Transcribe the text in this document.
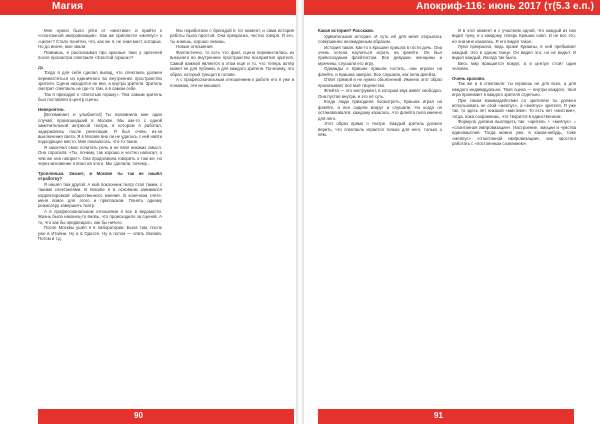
Магия

Мне нужно было уйти от «мистики» и прийти к «спонтанной импровизации». Как же приплести «меппус» к «цели»? Стало понятно, что, как же я, не зная мест, которые. Но до иначе, мое звали.

Помнишь, я рассказывал про красные таки у зрителей после просмотра спектакля «Золотой горшок»?

Да.

Тогда я для себя сделал вывод, что спектакль должен переместиться из единичного во внутреннее пространство зрителя. Сцена находится не вне, а внутри зрителя. Зритель смотрит спектакль не где-то там, а в самом себе.

Так я приходил к «Золотым горшку». Тем самым зритель был поставлен в центр сцены.

Невероятно.

[Вспоминает и улыбается] Ты напомнила мне один случай, произошедший в Москве. Мы как-то с одной замечательной актрисой театра, в котором я работал, задержались после репетиции. Я был очень из-за выключения света. Я в Москве вне ли не удалось с ней найти подходящее место. Мне показалось, что-то такое.

Я закончил свою почитать речь и не взял никаких смысл. Она спросила: «Ты, почему, так хорошо и честно написал, о чём же она говорит». Она продолжила говорить о том же, но через мгновение я впал на этого. Мы сделали, почему...

Тропленька. Значит, в Москве ты так не нашёл отработку?

Я нашёл там другой. А мой поклонник театр стал таким, с такими спектаклями. В Москве я в основном занимался корректировкой общественного мнения. В конечном счёте, меня вовсе для этого и пригласили. Понять одному режиссёру завершить театр.

А в профессиональном отношении я все в ведомости. Жизнь была наконец-то вновь, что происходило за сценой. А то, что как бы предвещало, как бы ничего.

После Москвы ушёл я в лаборатории. Была там, после уже в Италии. Ну а в Одессе. Ну а потом — опять Москва. Потом и т.д.

Мы поработали с бригадой в тот момент, и сама история работы была простой. Она прекрасна, честно говоря. Я его, ты знаешь, хорошо знаешь.

Новые отношения.

Фантастично, то есть что факт, сцена переместилась из внешнего во внутреннее пространство восприятия зрителя. Самой важной является в этом ещё и то, что теперь актёр может не для публики, а для каждого зрителя. По-моему, это образ, который трещал в голове.

А с профессиональным отношением к работе его я уже и понимаю, эти не мешают.

90
Апокриф-116: июнь 2017 (т(5.3 е.п.)

Какая история? Расскажи.

Удивительная история. И суть ей для меня открылась совершенно неожиданным образом.

История такая. Как-то к Крышне пришла в гости дочь. Она очень хотела научиться играть на флейте. Он был превосходным флейтистом. Все девушки, женщины и мужчины, слушали его игру.

Однажды к Кришне пришли гостить, они играли на флейте, и Кришна заиграл. Все слушали, как пела флейта.

Ответ прямой и не нужно объяснений. Именно этот образ пронизывает всё моё творчество.

Флейта — это инструмент, в котором звук живёт свободно. Она пустая внутри, и это её суть.

Когда люди приходили посмотреть, Кришна играл на флейте, а все сидели вокруг и слушали. Но когда он останавливался, каждому казалось, что флейта пела именно для него.

Этот образ прямо о театре. Каждый зритель должен верить, что спектакль играется только для него, только о нём.

И в этот момент и с участием одной, что каждый из них видит луну, и к каждому теперь Кришна сиял. И не все это, но она мне казалась. Я его видел такое.

Луна прекрасна, ведь кроме Кришны, в ней пребывает каждый. Это в одном танце. Он видел это, но не видел. И видел каждый. Иногда так было.

Весь мир вращается вокруг, а в центре стоит один человек.

Очень красиво.

Так же и в спектакле: ты играешь не для всех, а для каждого индивидуально. Твоя сцена — внутри каждого, твоя игра проникает в каждого зрителя отдельно.

При таком взаимодействии со зрителем ты должен использовать не свой «меппус», а «меппус» зрителя. Я уже так, то здесь нет никакой «мистики». То есть нет «мистики», тогда, пока сохраняешь, что творится в единственном.

Формула должна выглядеть так: «зритель + «меппус» = «спонтанная импровизация». Настроение, эмоции и чувства единомыслия. Тогда можно уже, в каком-нибудь, тоже «меппус» «спонтанной импровизации», как простого работать с «постоянным сознанием».

91
